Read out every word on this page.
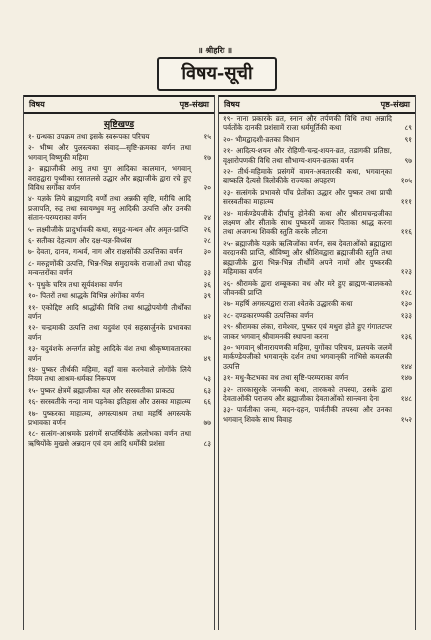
॥ श्रीहरिः ॥
विषय-सूची
विषय	पृष्ठ-संख्या
सृष्टिखण्ड
१- ग्रन्थका उपक्रम तथा इसके स्वरूपका परिचय	१५
२- भीष्म और पुलस्त्यका संवाद—सृष्टि-क्रमका वर्णन तथा भगवान् विष्णुकी महिमा	१७
३- ब्रह्माजीकी आयु तथा युग आदिका कालमान, भगवान् वराहद्वारा पृथ्वीका रसातलसे उद्धार और ब्रह्माजीके द्वारा रचे हुए विविध सर्गोंका वर्णन	२०
४- यज्ञके लिये ब्राह्मणादि वर्णों तथा अन्नकी सृष्टि, मरीचि आदि प्रजापति, रुद्र तथा स्वायम्भुव मनु आदिकी उत्पत्ति और उनकी संतान-परम्पराका वर्णन	२४
५- लक्ष्मीजीके प्रादुर्भावकी कथा, समुद्र-मन्थन और अमृत-प्राप्ति	२६
६- सतीका देहत्याग और दक्ष-यज्ञ-विध्वंस	२८
७- देवता, दानव, गन्धर्व, नाग और राक्षसोंकी उत्पत्तिका वर्णन	३०
८- मरुद्गणोंकी उत्पत्ति, भिन्न-भिन्न समुदायके राजाओं तथा चौदह मन्वन्तरोंका वर्णन	३३
९- पृथुके चरित्र तथा सूर्यवंशका वर्णन	३६
१०- पितरों तथा श्राद्धके विभिन्न अंगोंका वर्णन	३९
११- एकोद्दिष्ट आदि श्राद्धोंकी विधि तथा श्राद्धोपयोगी तीर्थोंका वर्णन	४२
१२- चन्द्रमाकी उत्पत्ति तथा यदुवंश एवं सहस्रार्जुनके प्रभावका वर्णन	४५
१३- यदुवंशके अन्तर्गत क्रोष्टु आदिके वंश तथा श्रीकृष्णावतारका वर्णन	४९
१४- पुष्कर तीर्थकी महिमा, वहाँ वास करनेवाले लोगोंके लिये नियम तथा आश्रम-धर्मका निरूपण	५३
१५- पुष्कर क्षेत्रमें ब्रह्माजीका यज्ञ और सरस्वतीका प्राकट्य	६३
१६- सरस्वतीके नन्दा नाम पड़नेका इतिहास और उसका माहात्म्य	६६
१७- पुष्करका माहात्म्य, अगस्त्याश्रम तथा महर्षि अगस्त्यके प्रभावका वर्णन	७७
१८- सत्संग-आश्रमके प्रसंगमें सप्तर्षियोंके अलोभका वर्णन तथा ऋषियोंके मुखसे अन्नदान एवं दम आदि धर्मोंकी प्रशंसा	८३
विषय	पृष्ठ-संख्या
१९- नाना प्रकारके व्रत, स्नान और तर्पणकी विधि तथा अन्नादि पर्वतोंके दानकी प्रशंसामें राजा धर्ममूर्तिकी कथा	८९
२०- भीमद्वादशी-व्रतका विधान	९१
२१- आदित्य-शयन और रोहिणी-चन्द्र-शयन-व्रत, तडागकी प्रतिष्ठा, वृक्षारोपणकी विधि तथा सौभाग्य-शयन-व्रतका वर्णन	९७
२२- तीर्थ-महिमाके प्रसंगमें वामन-अवतारकी कथा, भगवान्‌का बाष्कलि दैत्यसे त्रिलोकीके राज्यका अपहरण	१०५
२३- सत्संगके प्रभावसे पाँच प्रेतोंका उद्धार और पुष्कर तथा प्राची सरस्वतीका माहात्म्य	१११
२४- मार्कण्डेयजीके दीर्घायु होनेकी कथा और श्रीरामचन्द्रजीका लक्ष्मण और सीताके साथ पुष्करमें जाकर पिताका श्राद्ध करना तथा अजगन्ध शिवकी स्तुति करके लौटना	११६
२५- ब्रह्माजीके यज्ञके ऋत्विजोंका वर्णन, सब देवताओंको ब्रह्माद्वारा वरदानकी प्राप्ति, श्रीविष्णु और श्रीशिवद्वारा ब्रह्माजीकी स्तुति तथा ब्रह्माजीके द्वारा भिन्न-भिन्न तीर्थोंमें अपने नामों और पुष्करकी महिमाका वर्णन	१२३
२६- श्रीरामके द्वारा शम्बूकका वध और मरे हुए ब्राह्मण-बालकको जीवनकी प्राप्ति	१२८
२७- महर्षि अगस्त्यद्वारा राजा श्वेतके उद्धारकी कथा	१३०
२८- दण्डकारण्यकी उत्पत्तिका वर्णन	१३३
२९- श्रीरामका लंका, रामेश्वर, पुष्कर एवं मथुरा होते हुए गंगातटपर जाकर भगवान् श्रीवामनकी स्थापना करना	१३६
३०- भगवान् श्रीनारायणकी महिमा, युगोंका परिचय, प्रलयके जलमें मार्कण्डेयजीको भगवान्‌के दर्शन तथा भगवान्‌की नाभिसे कमलकी उत्पत्ति	१४४
३१- मधु-कैटभका वध तथा सृष्टि-परम्पराका वर्णन	१४७
३२- तारकासुरके जन्मकी कथा, तारकको तपस्या, उसके द्वारा देवताओंकी पराजय और ब्रह्माजीका देवताओंको सान्त्वना देना	१४८
३३- पार्वतीका जन्म, मदन-दहन, पार्वतीकी तपस्या और उनका भगवान् शिवके साथ विवाह	१५२
